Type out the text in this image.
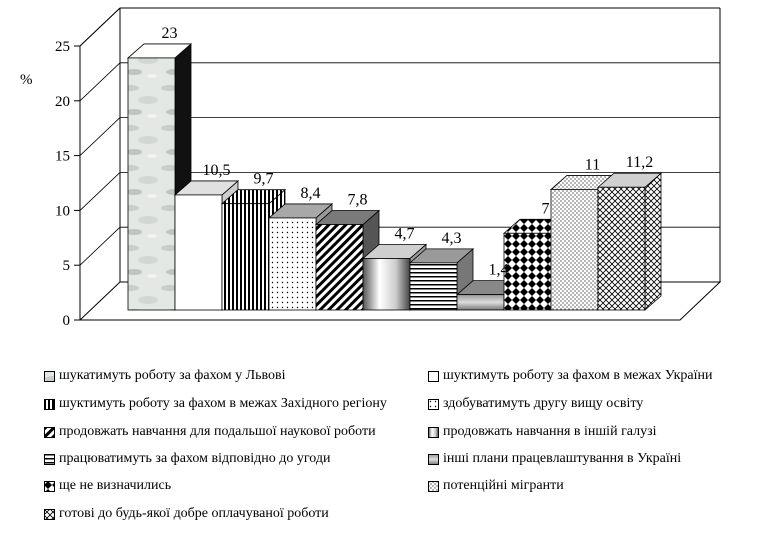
0
5
10
15
20
25
23
10,5
9,7
8,4 7,8
4,7 4,3
1,4
7
11 11,2
%
шукатимуть роботу за фахом у Львові	шуктимуть роботу за фахом в межах України
шуктимуть роботу за фахом в межах Західного регіону	здобуватимуть другу вищу освіту
продовжать навчання для подальшої наукової роботи	продовжать навчання в іншій галузі
працюватимуть за фахом відповідно до угоди	інші плани працевлаштування в Україні
ще не визначились	потенційні мігранти
готові до будь-якої добре оплачуваної роботи
